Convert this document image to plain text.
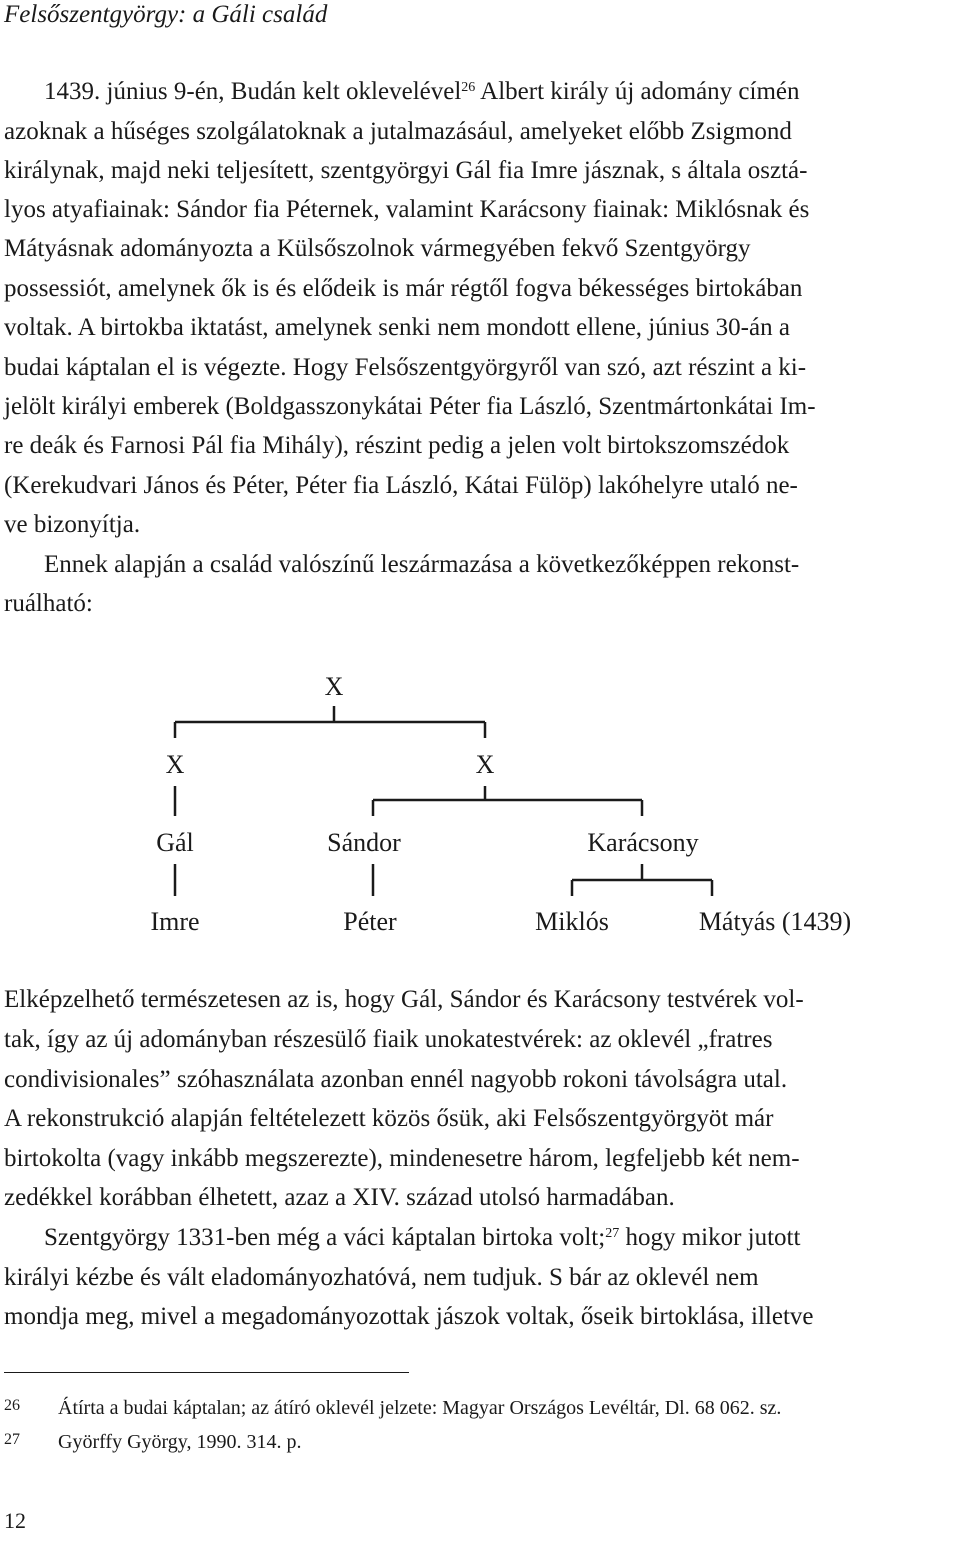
Felsőszentgyörgy: a Gáli család
1439. június 9-én, Budán kelt oklevelével$^{26}$ Albert király új adomány címén
azoknak a hűséges szolgálatoknak a jutalmazásául, amelyeket előbb Zsigmond
királynak, majd neki teljesített, szentgyörgyi Gál fia Imre jásznak, s általa osztá-
lyos atyafiainak: Sándor fia Péternek, valamint Karácsony fiainak: Miklósnak és
Mátyásnak adományozta a Külsőszolnok vármegyében fekvő Szentgyörgy
possessiót, amelynek ők is és elődeik is már régtől fogva békességes birtokában
voltak. A birtokba iktatást, amelynek senki nem mondott ellene, június 30-án a
budai káptalan el is végezte. Hogy Felsőszentgyörgyről van szó, azt részint a ki-
jelölt királyi emberek (Boldgasszonykátai Péter fia László, Szentmártonkátai Im-
re deák és Farnosi Pál fia Mihály), részint pedig a jelen volt birtokszomszédok
(Kerekudvari János és Péter, Péter fia László, Kátai Fülöp) lakóhelyre utaló ne-
ve bizonyítja.
Ennek alapján a család valószínű leszármazása a következőképpen rekonst-
ruálható:
X
X	X
Gál	Sándor	Karácsony
Imre	Péter	Miklós	Mátyás (1439)
Elképzelhető természetesen az is, hogy Gál, Sándor és Karácsony testvérek vol-
tak, így az új adományban részesülő fiaik unokatestvérek: az oklevél „fratres
condivisionales” szóhasználata azonban ennél nagyobb rokoni távolságra utal.
A rekonstrukció alapján feltételezett közös ősük, aki Felsőszentgyörgyöt már
birtokolta (vagy inkább megszerezte), mindenesetre három, legfeljebb két nem-
zedékkel korábban élhetett, azaz a XIV. század utolsó harmadában.
Szentgyörgy 1331-ben még a váci káptalan birtoka volt;$^{27}$ hogy mikor jutott
királyi kézbe és vált eladományozhatóvá, nem tudjuk. S bár az oklevél nem
mondja meg, mivel a megadományozottak jászok voltak, őseik birtoklása, illetve
26 Átírta a budai káptalan; az átíró oklevél jelzete: Magyar Országos Levéltár, Dl. 68 062. sz.
27 Györffy György, 1990. 314. p.
12
